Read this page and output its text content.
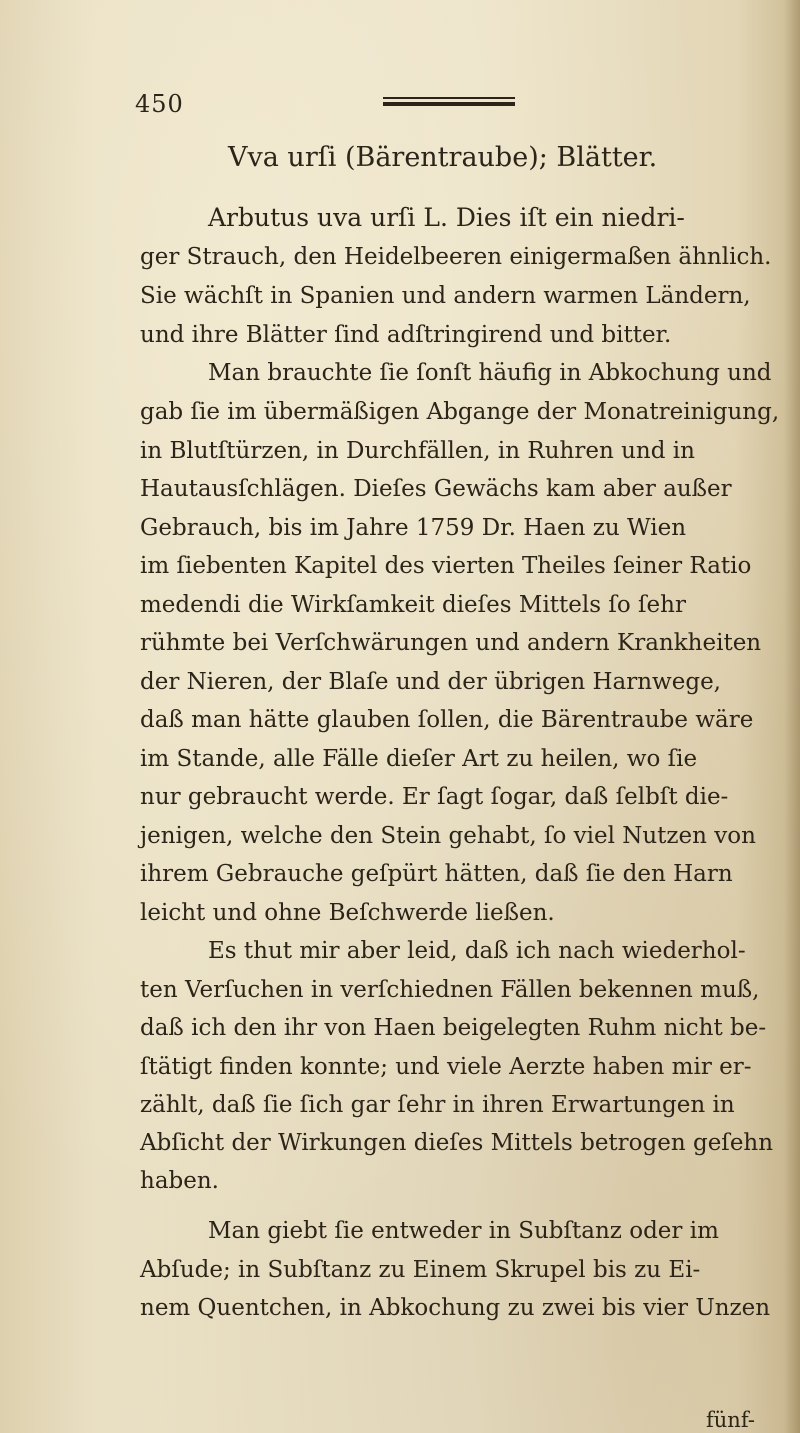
450

Vva urſi (Bärentraube); Blätter.

Arbutus uva urſi L. Dies iſt ein niedri-

ger Strauch, den Heidelbeeren einigermaßen ähnlich.

Sie wächſt in Spanien und andern warmen Ländern,

und ihre Blätter ſind adſtringirend und bitter.

Man brauchte ſie ſonſt häufig in Abkochung und

gab ſie im übermäßigen Abgange der Monatreinigung,

in Blutſtürzen, in Durchfällen, in Ruhren und in

Hautausſchlägen. Dieſes Gewächs kam aber außer

Gebrauch, bis im Jahre 1759 Dr. Haen zu Wien

im ſiebenten Kapitel des vierten Theiles ſeiner Ratio

medendi die Wirkſamkeit dieſes Mittels ſo ſehr

rühmte bei Verſchwärungen und andern Krankheiten

der Nieren, der Blaſe und der übrigen Harnwege,

daß man hätte glauben ſollen, die Bärentraube wäre

im Stande, alle Fälle dieſer Art zu heilen, wo ſie

nur gebraucht werde. Er ſagt ſogar, daß ſelbſt die-

jenigen, welche den Stein gehabt, ſo viel Nutzen von

ihrem Gebrauche geſpürt hätten, daß ſie den Harn

leicht und ohne Beſchwerde ließen.

Es thut mir aber leid, daß ich nach wiederhol-

ten Verſuchen in verſchiednen Fällen bekennen muß,

daß ich den ihr von Haen beigelegten Ruhm nicht be-

ſtätigt finden konnte; und viele Aerzte haben mir er-

zählt, daß ſie ſich gar ſehr in ihren Erwartungen in

Abſicht der Wirkungen dieſes Mittels betrogen geſehn

haben.

Man giebt ſie entweder in Subſtanz oder im

Abſude; in Subſtanz zu Einem Skrupel bis zu Ei-

nem Quentchen, in Abkochung zu zwei bis vier Unzen

fünf-
